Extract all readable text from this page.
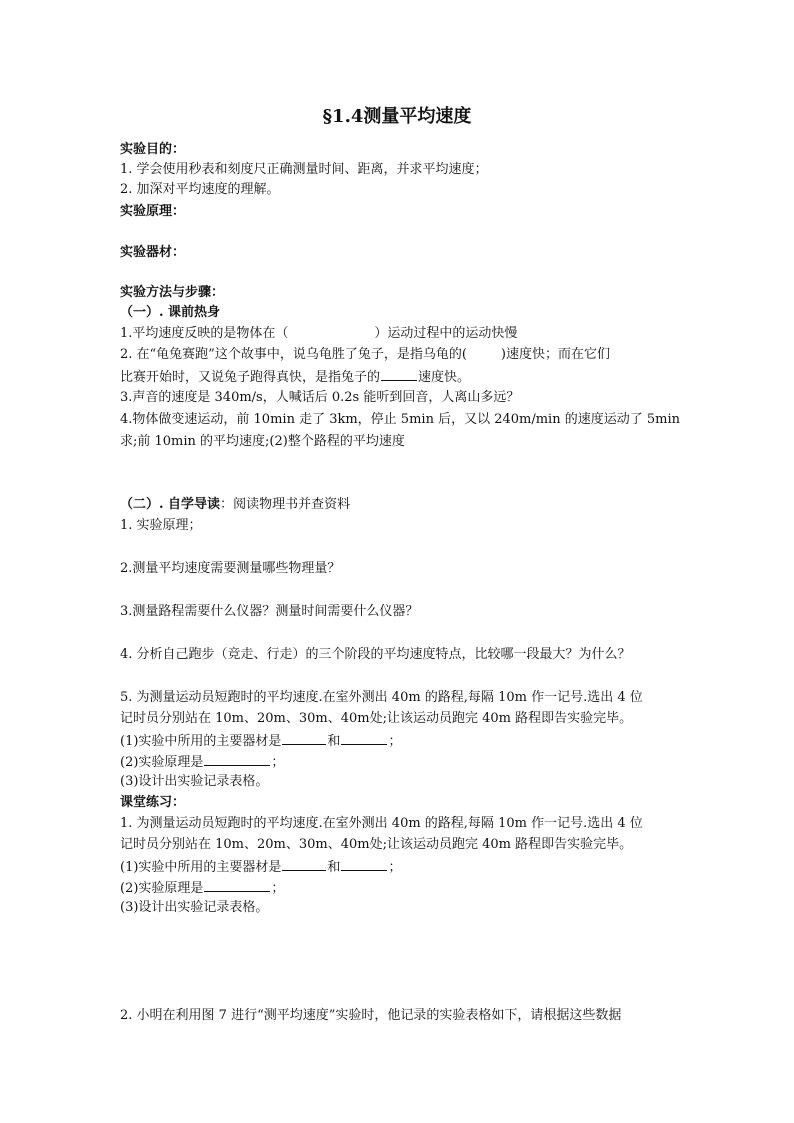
§1.4测量平均速度
实验目的：
1. 学会使用秒表和刻度尺正确测量时间、距离，并求平均速度；
2. 加深对平均速度的理解。
实验原理：
实验器材：
实验方法与步骤：
（一）. 课前热身
1.平均速度反映的是物体在（	）运动过程中的运动快慢
2. 在“龟兔赛跑”这个故事中，说乌龟胜了兔子，是指乌龟的(	)速度快；而在它们
比赛开始时，又说兔子跑得真快，是指兔子的	速度快。
3.声音的速度是 340m/s，人喊话后 0.2s 能听到回音，人离山多远？
4.物体做变速运动，前 10min 走了 3km，停止 5min 后，又以 240m/min 的速度运动了 5min
求;前 10min 的平均速度;(2)整个路程的平均速度
（二）. 自学导读：阅读物理书并查资料
1. 实验原理；
2.测量平均速度需要测量哪些物理量？
3.测量路程需要什么仪器？测量时间需要什么仪器？
4. 分析自己跑步（竞走、行走）的三个阶段的平均速度特点，比较哪一段最大？为什么？
5. 为测量运动员短跑时的平均速度.在室外测出 40m 的路程,每隔 10m 作一记号.选出 4 位
记时员分别站在 10m、20m、30m、40m处;让该运动员跑完 40m 路程即告实验完毕。
(1)实验中所用的主要器材是	和	；
(2)实验原理是	；
(3)设计出实验记录表格。
课堂练习：
1. 为测量运动员短跑时的平均速度.在室外测出 40m 的路程,每隔 10m 作一记号.选出 4 位
记时员分别站在 10m、20m、30m、40m处;让该运动员跑完 40m 路程即告实验完毕。
(1)实验中所用的主要器材是	和	；
(2)实验原理是	；
(3)设计出实验记录表格。
2. 小明在利用图 7 进行“测平均速度”实验时，他记录的实验表格如下，请根据这些数据
